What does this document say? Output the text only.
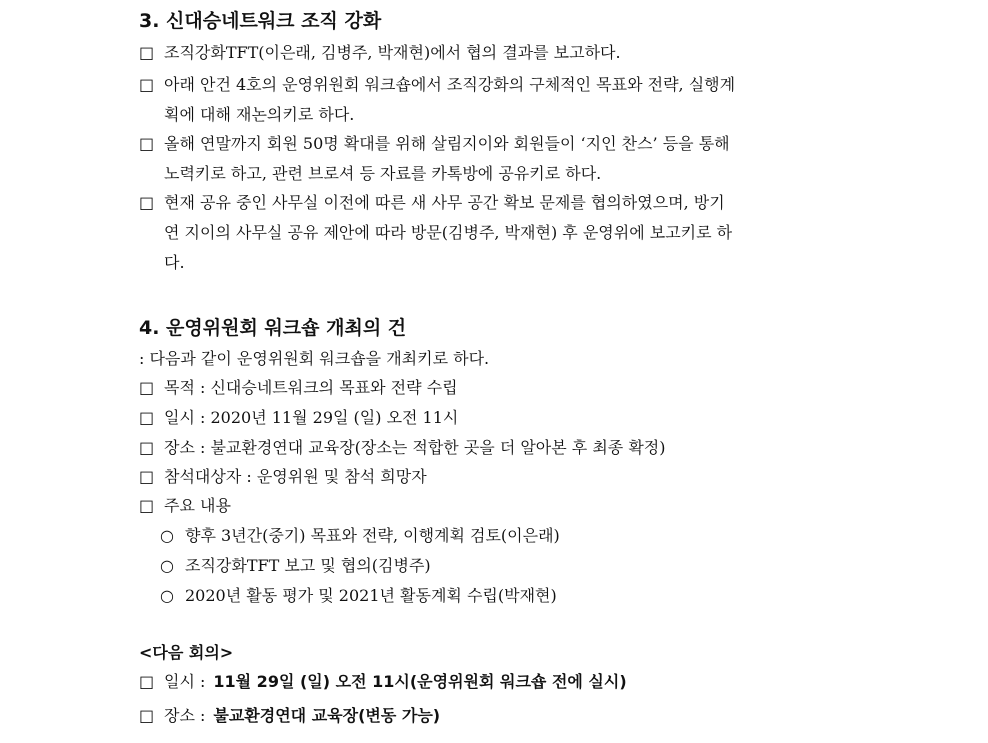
3. 신대승네트워크 조직 강화
□ 조직강화TFT(이은래, 김병주, 박재현)에서 협의 결과를 보고하다.
□ 아래 안건 4호의 운영위원회 워크숍에서 조직강화의 구체적인 목표와 전략, 실행계
획에 대해 재논의키로 하다.
□ 올해 연말까지 회원 50명 확대를 위해 살림지이와 회원들이 ‘지인 찬스’ 등을 통해
노력키로 하고, 관련 브로셔 등 자료를 카톡방에 공유키로 하다.
□ 현재 공유 중인 사무실 이전에 따른 새 사무 공간 확보 문제를 협의하였으며, 방기
연 지이의 사무실 공유 제안에 따라 방문(김병주, 박재현) 후 운영위에 보고키로 하
다.
4. 운영위원회 워크숍 개최의 건
: 다음과 같이 운영위원회 워크숍을 개최키로 하다.
□ 목적 : 신대승네트워크의 목표와 전략 수립
□ 일시 : 2020년 11월 29일 (일) 오전 11시
□ 장소 : 불교환경연대 교육장(장소는 적합한 곳을 더 알아본 후 최종 확정)
□ 참석대상자 : 운영위원 및 참석 희망자
□ 주요 내용
○ 향후 3년간(중기) 목표와 전략, 이행계획 검토(이은래)
○ 조직강화TFT 보고 및 협의(김병주)
○ 2020년 활동 평가 및 2021년 활동계획 수립(박재현)
<다음 회의>
□ 일시 : 11월 29일 (일) 오전 11시(운영위원회 워크숍 전에 실시)
□ 장소 : 불교환경연대 교육장(변동 가능)
